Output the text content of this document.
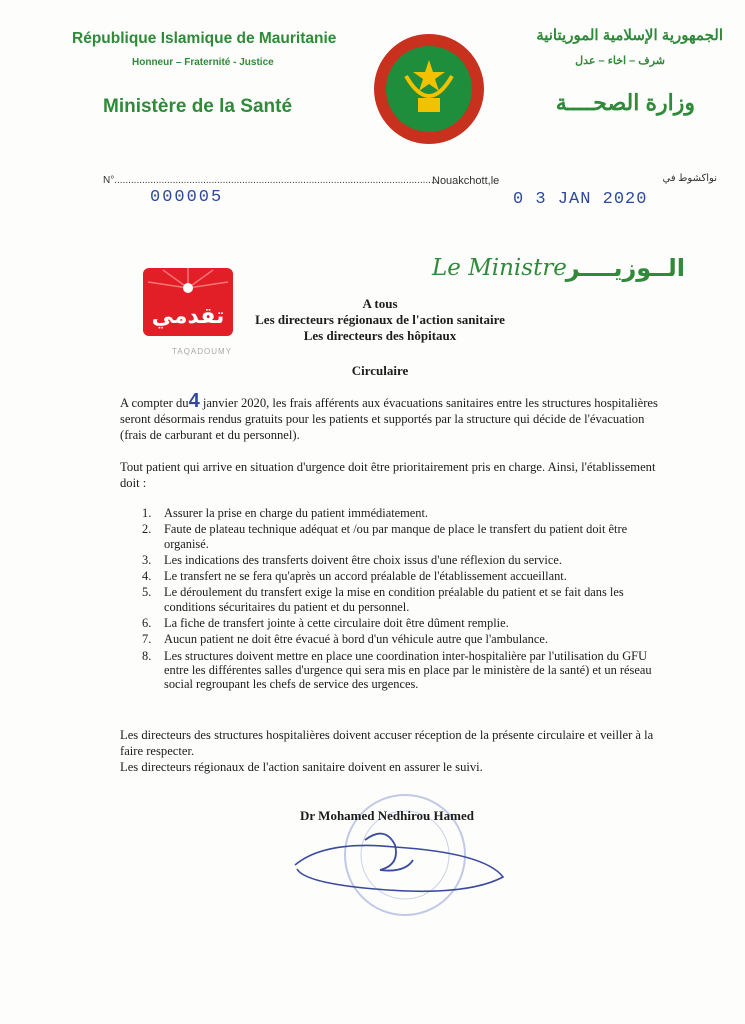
République Islamique de Mauritanie
Honneur – Fraternité - Justice
Ministère de la Santé
الجمهورية الإسلامية الموريتانية
شرف – اخاء – عدل
وزارة الصحــــة
N°.....................................................................................................................
000005
Nouakchott,le	نواكشوط في
0 3 JAN 2020
Le Ministre
الــوزيــــر
تقدمي
TAQADOUMY
A tous
Les directeurs régionaux de l'action sanitaire
Les directeurs des hôpitaux
Circulaire
A compter du4 janvier 2020, les frais afférents aux évacuations sanitaires entre les structures hospitalières seront désormais rendus gratuits pour les patients et supportés par la structure qui décide de l'évacuation (frais de carburant et du personnel).
Tout patient qui arrive en situation d'urgence doit être prioritairement pris en charge. Ainsi, l'établissement doit :
1. Assurer la prise en charge du patient immédiatement.
2. Faute de plateau technique adéquat et /ou par manque de place le transfert du patient doit être organisé.
3. Les indications des transferts doivent être choix issus d'une réflexion du service.
4. Le transfert ne se fera qu'après un accord préalable de l'établissement accueillant.
5. Le déroulement du transfert exige la mise en condition préalable du patient et se fait dans les conditions sécuritaires du patient et du personnel.
6. La fiche de transfert jointe à cette circulaire doit être dûment remplie.
7. Aucun patient ne doit être évacué à bord d'un véhicule autre que l'ambulance.
8. Les structures doivent mettre en place une coordination inter-hospitalière par l'utilisation du GFU entre les différentes salles d'urgence qui sera mis en place par le ministère de la santé) et un réseau social regroupant les chefs de service des urgences.
Les directeurs des structures hospitalières doivent accuser réception de la présente circulaire et veiller à la faire respecter.
Les directeurs régionaux de l'action sanitaire doivent en assurer le suivi.
Dr Mohamed Nedhirou Hamed
